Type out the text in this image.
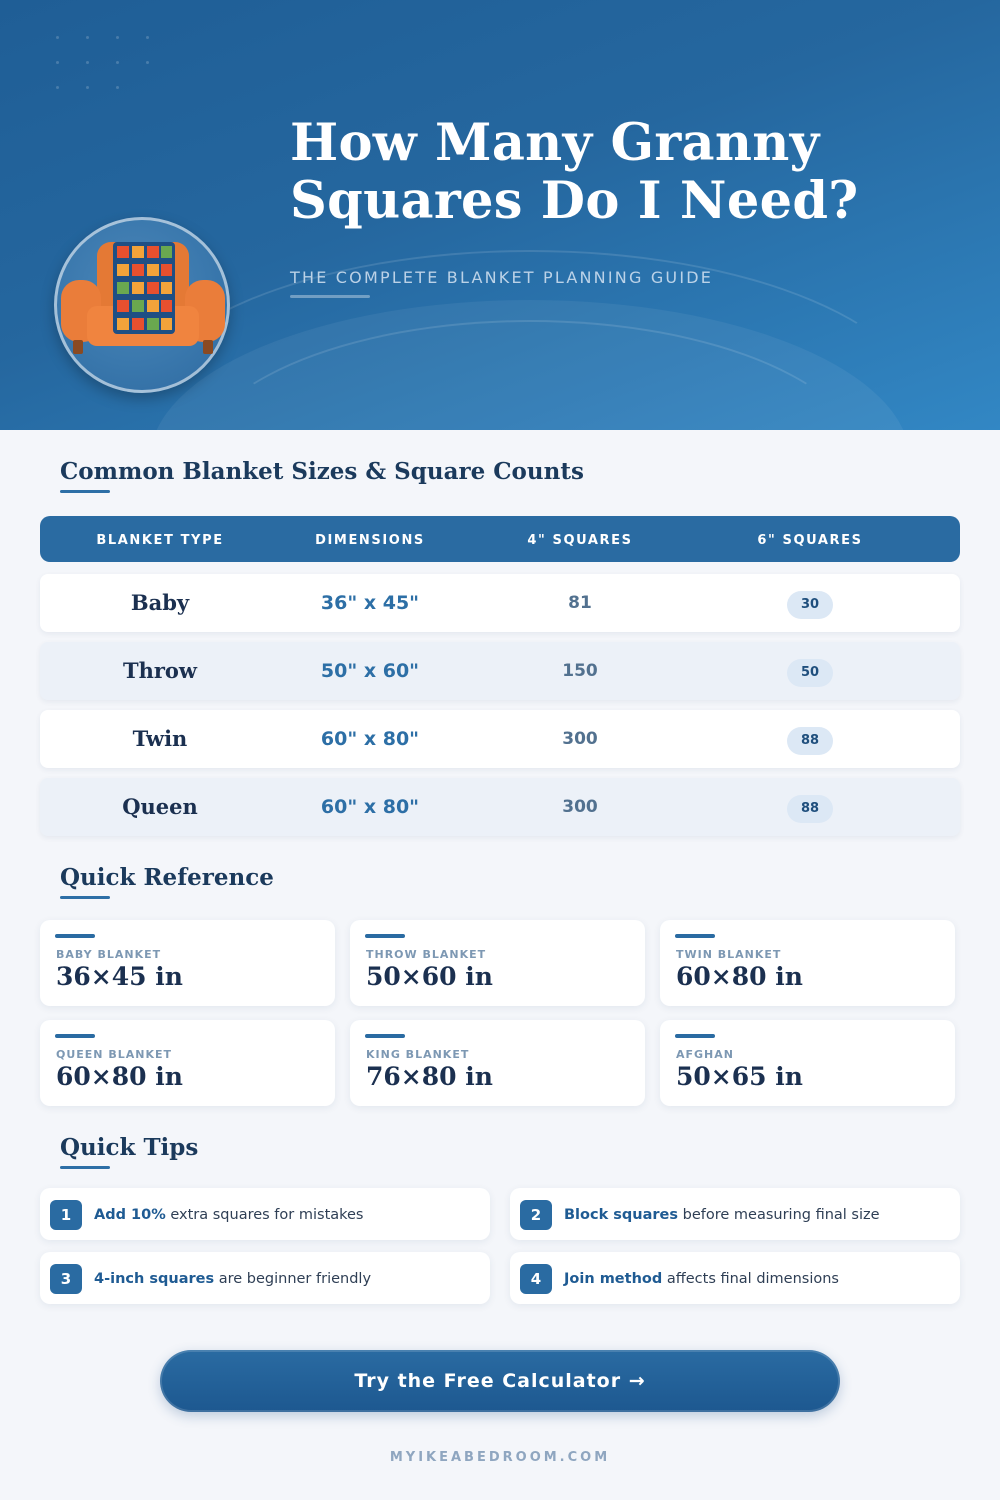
How Many Granny
Squares Do I Need?
THE COMPLETE BLANKET PLANNING GUIDE
Common Blanket Sizes & Square Counts
BLANKET TYPE	DIMENSIONS	4" SQUARES	6" SQUARES
Baby	36" x 45"	81	30
Throw	50" x 60"	150	50
Twin	60" x 80"	300	88
Queen	60" x 80"	300	88
Quick Reference
BABY BLANKET
36×45 in
THROW BLANKET
50×60 in
TWIN BLANKET
60×80 in
QUEEN BLANKET
60×80 in
KING BLANKET
76×80 in
AFGHAN
50×65 in
Quick Tips
1	Add 10% extra squares for mistakes	2	Block squares before measuring final size
3	4-inch squares are beginner friendly	4	Join method affects final dimensions
Try the Free Calculator →
MYIKEABEDROOM.COM
